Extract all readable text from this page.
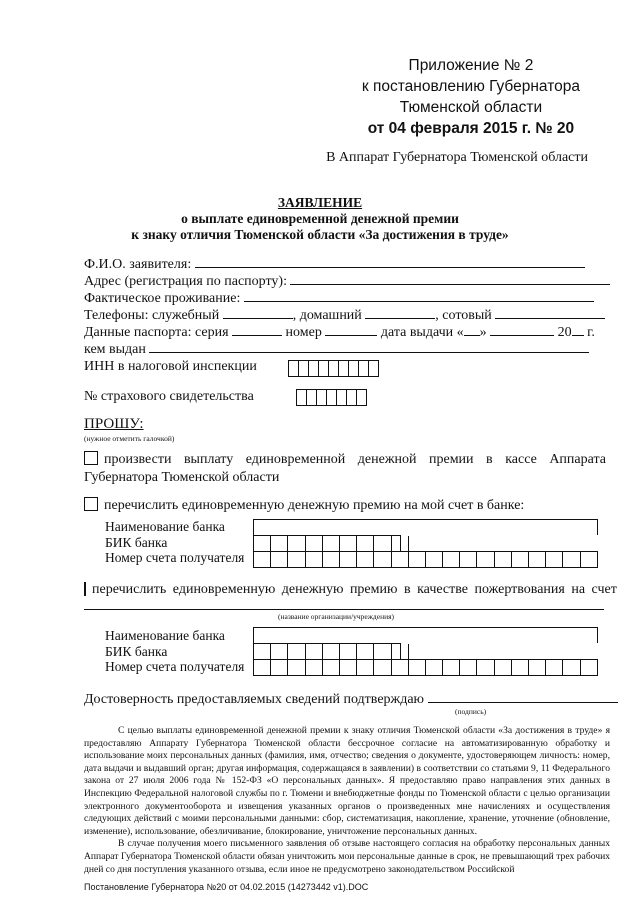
Приложение № 2
к постановлению Губернатора
Тюменской области
от 04 февраля 2015 г. № 20
В Аппарат Губернатора Тюменской области
ЗАЯВЛЕНИЕ
о выплате единовременной денежной премии
к знаку отличия Тюменской области «За достижения в труде»
Ф.И.О. заявителя:
Адрес (регистрация по паспорту):
Фактическое проживание:
Телефоны: служебный	, домашний	, сотовый
Данные паспорта: серия	номер	дата выдачи « »	20 г.
кем выдан
ИНН в налоговой инспекции
№ страхового свидетельства
ПРОШУ:
(нужное отметить галочкой)
произвести выплату единовременной денежной премии в кассе Аппарата Губернатора Тюменской области
перечислить единовременную денежную премию на мой счет в банке:
Наименование банка
БИК банка
Номер счета получателя
перечислить единовременную денежную премию в качестве пожертвования на счет
(название организации/учреждения)
Наименование банка
БИК банка
Номер счета получателя
Достоверность предоставляемых сведений подтверждаю
(подпись)
С целью выплаты единовременной денежной премии к знаку отличия Тюменской области «За достижения в труде» я предоставляю Аппарату Губернатора Тюменской области бессрочное согласие на автоматизированную обработку и использование моих персональных данных (фамилия, имя, отчество; сведения о документе, удостоверяющем личность: номер, дата выдачи и выдавший орган; другая информация, содержащаяся в заявлении) в соответствии со статьями 9, 11 Федерального закона от 27 июля 2006 года № 152-ФЗ «О персональных данных». Я предоставляю право направления этих данных в Инспекцию Федеральной налоговой службы по г. Тюмени и внебюджетные фонды по Тюменской области с целью организации электронного документооборота и извещения указанных органов о произведенных мне начислениях и осуществления следующих действий с моими персональными данными: сбор, систематизация, накопление, хранение, уточнение (обновление, изменение), использование, обезличивание, блокирование, уничтожение персональных данных.
В случае получения моего письменного заявления об отзыве настоящего согласия на обработку персональных данных Аппарат Губернатора Тюменской области обязан уничтожить мои персональные данные в срок, не превышающий трех рабочих дней со дня поступления указанного отзыва, если иное не предусмотрено законодательством Российской
Постановление Губернатора №20 от 04.02.2015 (14273442 v1).DOC
